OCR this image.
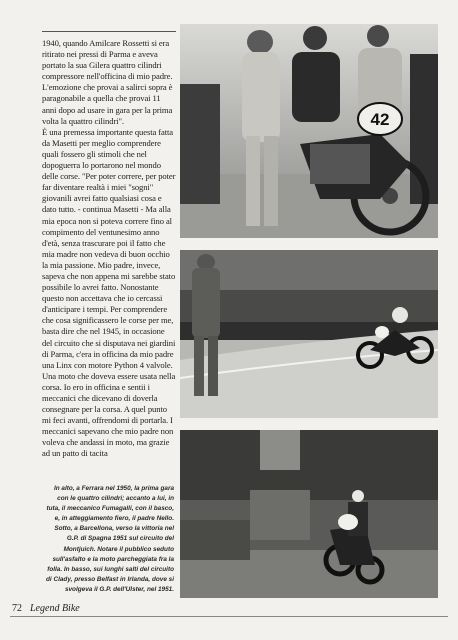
1940, quando Amilcare Rossetti si era ritirato nei pressi di Parma e aveva portato la sua Gilera quattro cilindri compressore nell'officina di mio padre. L'emozione che provai a salirci sopra è paragonabile a quella che provai 11 anni dopo ad usare in gara per la prima volta la quattro cilindri".

È una premessa importante questa fatta da Masetti per meglio comprendere quali fossero gli stimoli che nel dopoguerra lo portarono nel mondo delle corse. "Per poter correre, per poter far diventare realtà i miei "sogni" giovanili avrei fatto qualsiasi cosa e dato tutto. - continua Masetti - Ma alla mia epoca non si poteva correre fino al compimento del ventunesimo anno d'età, senza trascurare poi il fatto che mia madre non vedeva di buon occhio la mia passione. Mio padre, invece, sapeva che non appena mi sarebbe stato possibile lo avrei fatto. Nonostante questo non accettava che io cercassi d'anticipare i tempi. Per comprendere che cosa significassero le corse per me, basta dire che nel 1945, in occasione del circuito che si disputava nei giardini di Parma, c'era in officina da mio padre una Linx con motore Python 4 valvole. Una moto che doveva essere usata nella corsa. Io ero in officina e sentii i meccanici che dicevano di doverla consegnare per la corsa. A quel punto mi feci avanti, offrendomi di portarla. I meccanici sapevano che mio padre non voleva che andassi in moto, ma grazie ad un patto di tacita

In alto, a Ferrara nel 1950, la prima gara con le quattro cilindri; accanto a lui, in tuta, il meccanico Fumagalli, con il basco, e, in atteggiamento fiero, il padre Nello. Sotto, a Barcellona, verso la vittoria nel G.P. di Spagna 1951 sul circuito del Montjuich. Notare il pubblico seduto sull'asfalto e la moto parcheggiata fra la folla. In basso, sui lunghi salti del circuito di Clady, presso Belfast in Irlanda, dove si svolgeva il G.P. dell'Ulster, nel 1951.
42
72 Legend Bike
